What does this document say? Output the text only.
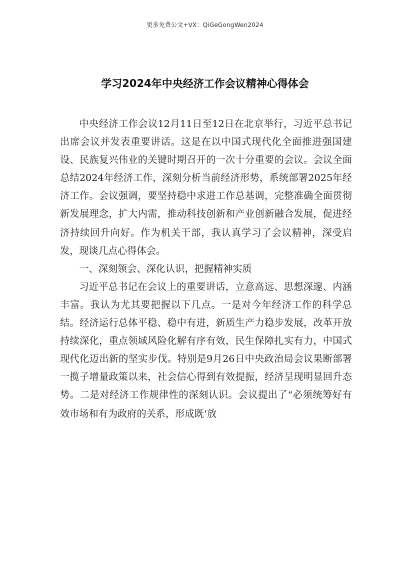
更多免费公文+VX：QiGeGongWen2024
学习2024年中央经济工作会议精神心得体会

中央经济工作会议12月11日至12日在北京举行，习近平总书记出席会议并发表重要讲话。这是在以中国式现代化全面推进强国建设、民族复兴伟业的关键时期召开的一次十分重要的会议。会议全面总结2024年经济工作，深刻分析当前经济形势，系统部署2025年经济工作。会议强调，要坚持稳中求进工作总基调，完整准确全面贯彻新发展理念，扩大内需，推动科技创新和产业创新融合发展，促进经济持续回升向好。作为机关干部，我认真学习了会议精神，深受启发，现谈几点心得体会。

一、深刻领会、深化认识，把握精神实质

习近平总书记在会议上的重要讲话，立意高远、思想深邃、内涵丰富。我认为尤其要把握以下几点。一是对今年经济工作的科学总结。经济运行总体平稳、稳中有进，新质生产力稳步发展，改革开放持续深化，重点领域风险化解有序有效，民生保障扎实有力，中国式现代化迈出新的坚实步伐。特别是9月26日中央政治局会议果断部署一揽子增量政策以来，社会信心得到有效提振，经济呈现明显回升态势。二是对经济工作规律性的深刻认识。会议提出了“必须统筹好有效市场和有为政府的关系，形成既‘放
